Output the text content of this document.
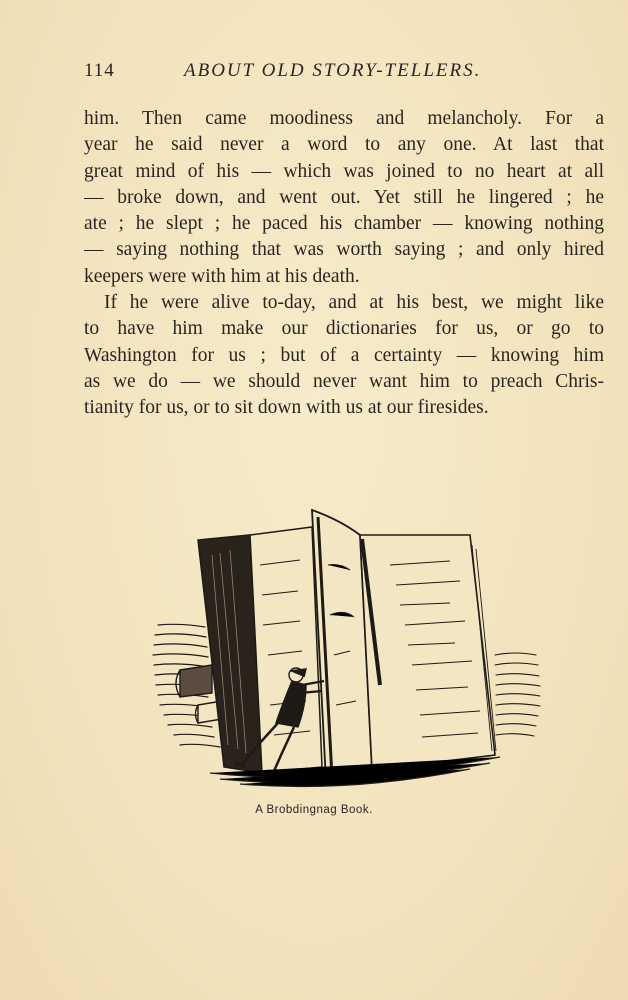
114	ABOUT OLD STORY-TELLERS.
him. Then came moodiness and melancholy. For a
year he said never a word to any one. At last that
great mind of his — which was joined to no heart at all
— broke down, and went out. Yet still he lingered ; he
ate ; he slept ; he paced his chamber — knowing nothing
— saying nothing that was worth saying ; and only hired
keepers were with him at his death.
If he were alive to-day, and at his best, we might like
to have him make our dictionaries for us, or go to
Washington for us ; but of a certainty — knowing him
as we do — we should never want him to preach Chris-
tianity for us, or to sit down with us at our firesides.
A Brobdingnag Book.
